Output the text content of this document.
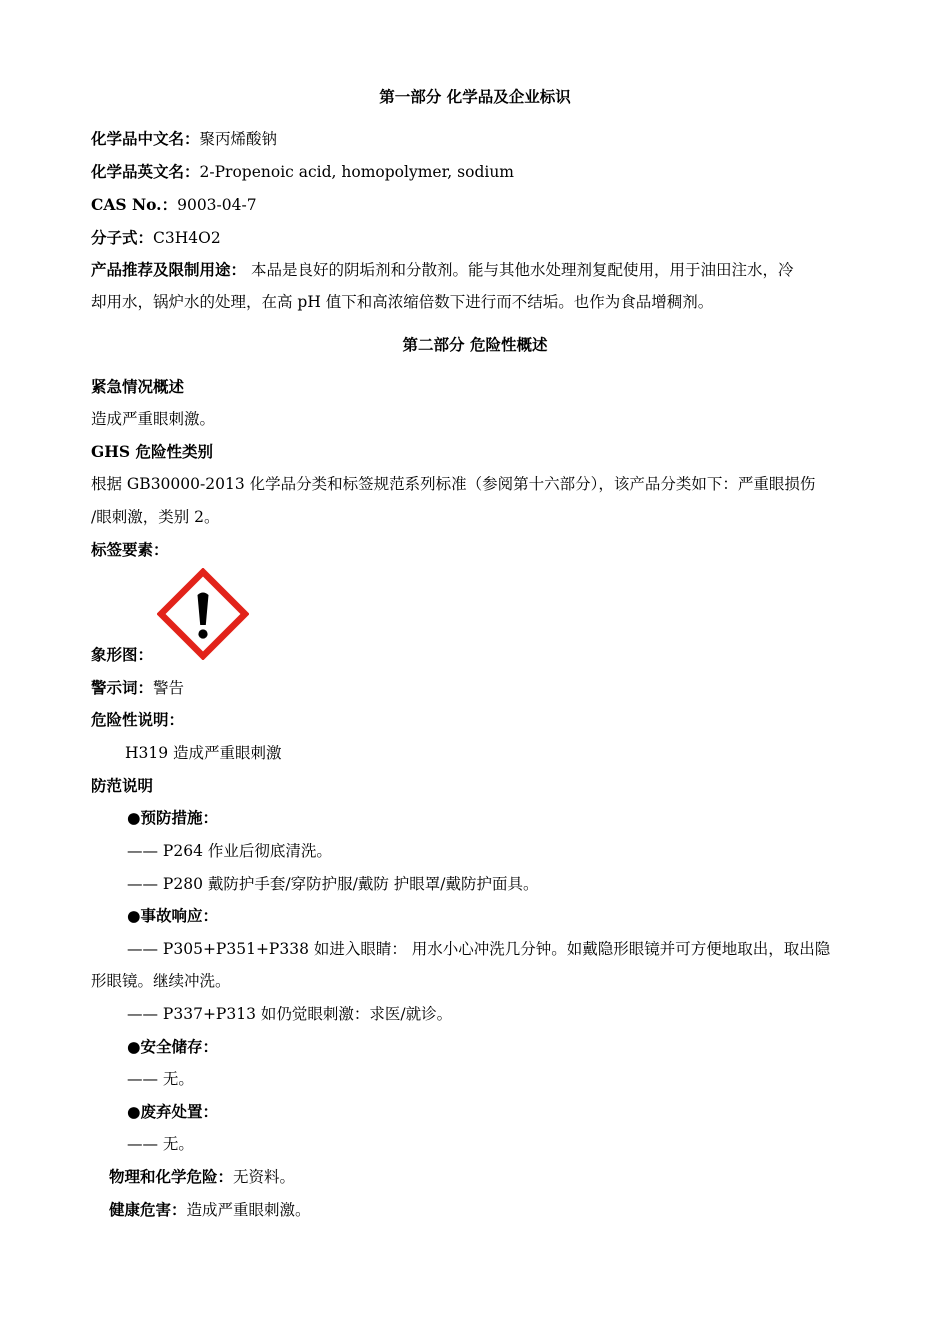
第一部分 化学品及企业标识
化学品中文名：聚丙烯酸钠
化学品英文名：2-Propenoic acid, homopolymer, sodium
CAS No.：9003-04-7
分子式：C3H4O2
产品推荐及限制用途： 本品是良好的阴垢剂和分散剂。能与其他水处理剂复配使用，用于油田注水，冷
却用水，锅炉水的处理，在高 pH 值下和高浓缩倍数下进行而不结垢。也作为食品增稠剂。
第二部分 危险性概述
紧急情况概述
造成严重眼刺激。
GHS 危险性类别
根据 GB30000-2013 化学品分类和标签规范系列标准（参阅第十六部分），该产品分类如下：严重眼损伤
/眼刺激，类别 2。
标签要素：
象形图：
警示词：警告
危险性说明：
H319 造成严重眼刺激
防范说明
●预防措施：
—— P264 作业后彻底清洗。
—— P280 戴防护手套/穿防护服/戴防 护眼罩/戴防护面具。
●事故响应：
—— P305+P351+P338 如进入眼睛： 用水小心冲洗几分钟。如戴隐形眼镜并可方便地取出，取出隐
形眼镜。继续冲洗。
—— P337+P313 如仍觉眼刺激：求医/就诊。
●安全储存：
—— 无。
●废弃处置：
—— 无。
物理和化学危险：无资料。
健康危害：造成严重眼刺激。
